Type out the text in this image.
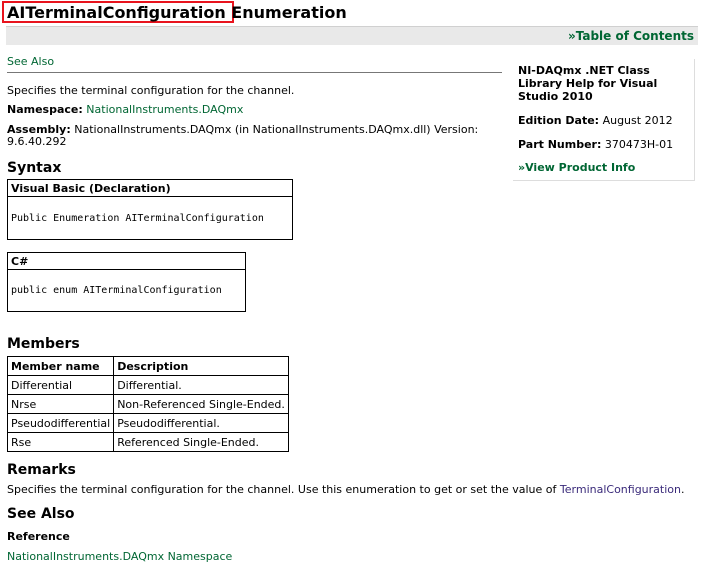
AITerminalConfiguration Enumeration
»Table of Contents
See Also
Specifies the terminal configuration for the channel.
Namespace: NationalInstruments.DAQmx
Assembly: NationalInstruments.DAQmx (in NationalInstruments.DAQmx.dll) Version: 9.6.40.292
Syntax
Visual Basic (Declaration)
Public Enumeration AITerminalConfiguration
C#
public enum AITerminalConfiguration
Members
Member name	Description
Differential	Differential.
Nrse	Non-Referenced Single-Ended.
Pseudodifferential	Pseudodifferential.
Rse	Referenced Single-Ended.
Remarks
Specifies the terminal configuration for the channel. Use this enumeration to get or set the value of TerminalConfiguration.
See Also
Reference
NationalInstruments.DAQmx Namespace
NI-DAQmx .NET Class Library Help for Visual Studio 2010
Edition Date: August 2012
Part Number: 370473H-01
»View Product Info
